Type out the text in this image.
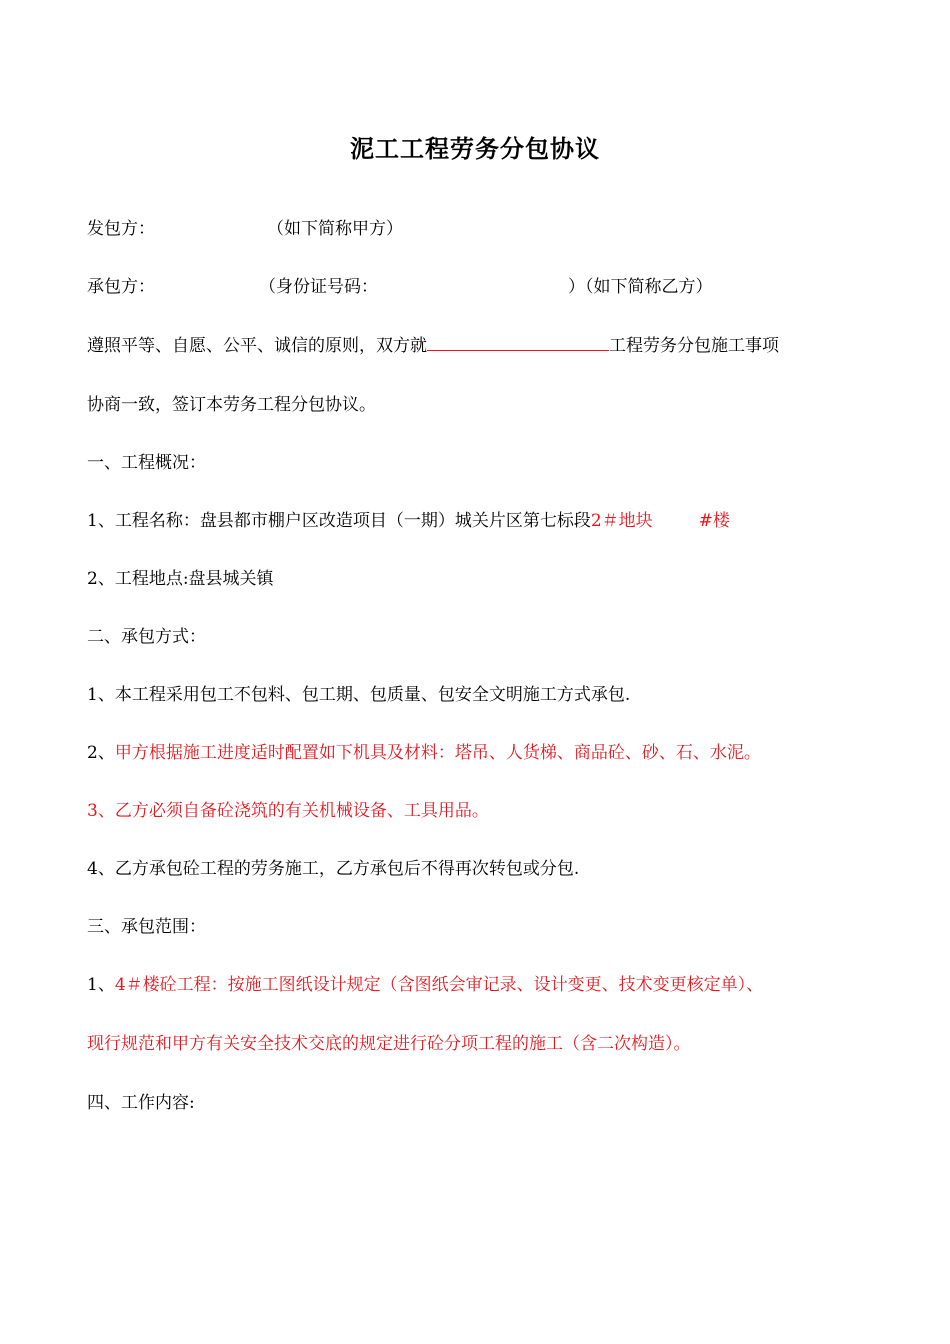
泥工工程劳务分包协议
发包方：	（如下简称甲方）
承包方：	（身份证号码：	）（如下简称乙方）
遵照平等、自愿、公平、诚信的原则，双方就	工程劳务分包施工事项
协商一致，签订本劳务工程分包协议。
一、工程概况：
1、工程名称：盘县都市棚户区改造项目（一期）城关片区第七标段2＃地块	#楼
2、工程地点:盘县城关镇
二、承包方式：
1、本工程采用包工不包料、包工期、包质量、包安全文明施工方式承包.
2、甲方根据施工进度适时配置如下机具及材料：塔吊、人货梯、商品砼、砂、石、水泥。
3、乙方必须自备砼浇筑的有关机械设备、工具用品。
4、乙方承包砼工程的劳务施工，乙方承包后不得再次转包或分包.
三、承包范围：
1、4＃楼砼工程：按施工图纸设计规定（含图纸会审记录、设计变更、技术变更核定单）、
现行规范和甲方有关安全技术交底的规定进行砼分项工程的施工（含二次构造）。
四、工作内容:
